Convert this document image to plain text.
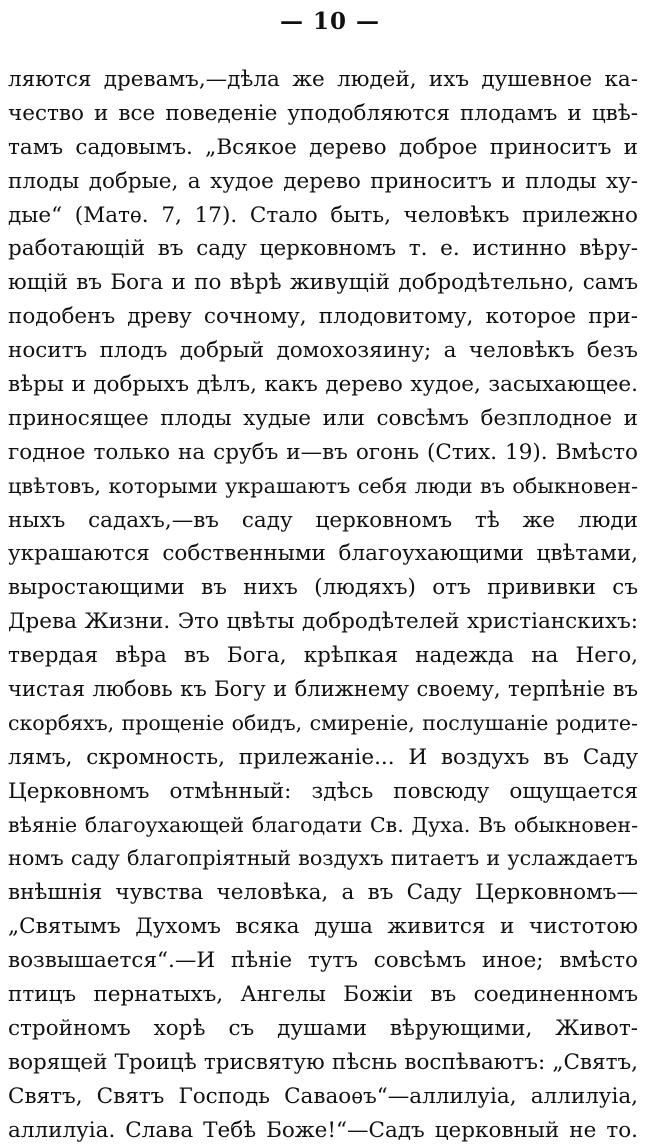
— 10 —
ляются древамъ,—дѣла же людей, ихъ душевное ка-
чество и все поведенiе уподобляются плодамъ и цвѣ-
тамъ садовымъ. „Всякое дерево доброе приноситъ и
плоды добрые, а худое дерево приноситъ и плоды ху-
дые“ (Матѳ. 7, 17). Стало быть, человѣкъ прилежно
работающiй въ саду церковномъ т. е. истинно вѣру-
ющiй въ Бога и по вѣрѣ живущiй добродѣтельно, самъ
подобенъ древу сочному, плодовитому, которое при-
носитъ плодъ добрый домохозяину; а человѣкъ безъ
вѣры и добрыхъ дѣлъ, какъ дерево худое, засыхающее.
приносящее плоды худые или совсѣмъ безплодное и
годное только на срубъ и—въ огонь (Стих. 19). Вмѣсто
цвѣтовъ, которыми украшаютъ себя люди въ обыкновен-
ныхъ садахъ,—въ саду церковномъ тѣ же люди
украшаются собственными благоухающими цвѣтами,
выростающими въ нихъ (людяхъ) отъ прививки съ
Древа Жизни. Это цвѣты добродѣтелей христiанскихъ:
твердая вѣра въ Бога, крѣпкая надежда на Него,
чистая любовь къ Богу и ближнему своему, терпѣнiе въ
скорбяхъ, прощенiе обидъ, смиренiе, послушанiе родите-
лямъ, скромность, прилежанiе... И воздухъ въ Саду
Церковномъ отмѣнный: здѣсь повсюду ощущается
вѣянiе благоухающей благодати Св. Духа. Въ обыкновен-
номъ саду благопрiятный воздухъ питаетъ и услаждаетъ
внѣшнiя чувства человѣка, а въ Саду Церковномъ—
„Святымъ Духомъ всяка душа живится и чистотою
возвышается“.—И пѣнiе тутъ совсѣмъ иное; вмѣсто
птицъ пернатыхъ, Ангелы Божiи въ соединенномъ
стройномъ хорѣ съ душами вѣрующими, Живот-
ворящей Троицѣ трисвятую пѣснь воспѣваютъ: „Святъ,
Святъ, Святъ Господь Саваоѳъ“—аллилуiа, аллилуiа,
аллилуiа. Слава Тебѣ Боже!“—Садъ церковный не то.
